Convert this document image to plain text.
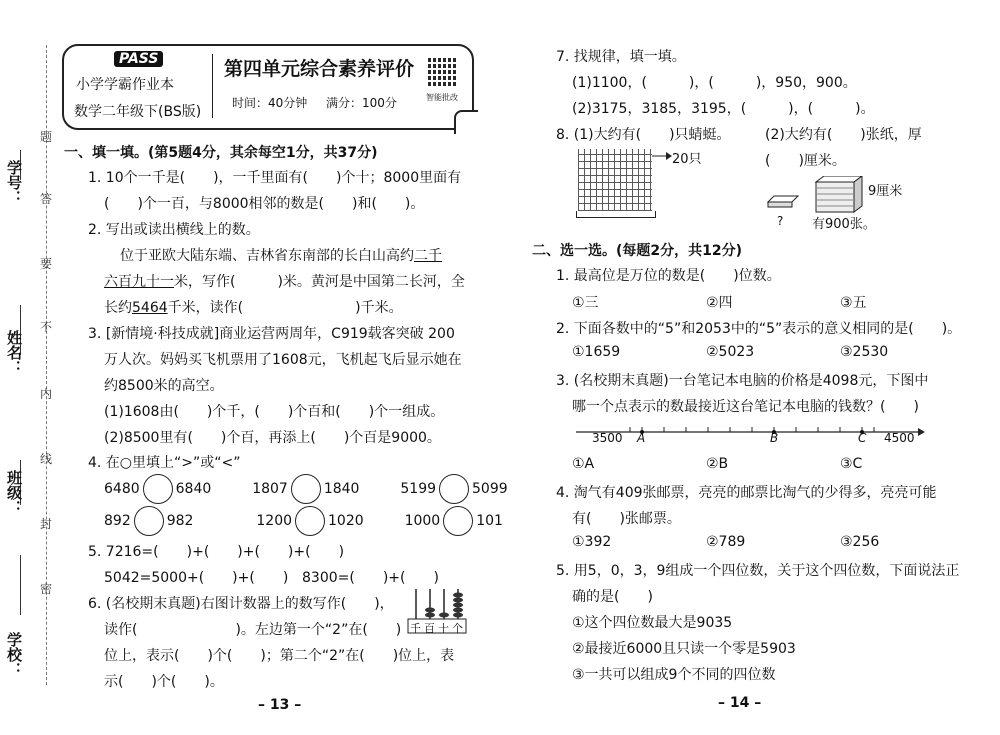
学号：
姓名：
班级：
学校：
题
答
要
不
内
线
封
密
PASS
小学学霸作业本
数学二年级下(BS版)
第四单元综合素养评价
时间：40分钟 满分：100分	智能批改
一、填一填。(第5题4分，其余每空1分，共37分)
1. 10个一千是(　　)，一千里面有(　　)个十；8000里面有
(　　)个一百，与8000相邻的数是(　　)和(　　)。
2. 写出或读出横线上的数。
位于亚欧大陆东端、吉林省东南部的长白山高约二千
六百九十一米，写作(　　　)米。黄河是中国第二长河，全
长约5464千米，读作(　　　　　　　　)千米。
3. [新情境·科技成就]商业运营两周年，C919载客突破 200
万人次。妈妈买飞机票用了1608元，飞机起飞后显示她在
约8500米的高空。
(1)1608由(　　)个千，(　　)个百和(　　)个一组成。
(2)8500里有(　　)个百，再添上(　　)个百是9000。
4. 在○里填上“>”或“<”
6480	6840	1807	1840	5199	5099
892	982	1200	1020	1000	101
5. 7216=(　　)+(　　)+(　　)+(　　)
5042=5000+(　　)+(　　) 8300=(　　)+(　　)
6. (名校期末真题)右图计数器上的数写作(　　)，
读作(　　　　　　　)。左边第一个“2”在(　　)
位上，表示(　　)个(　　)；第二个“2”在(　　)位上，表
示(　　)个(　　)。
千百十个
– 13 –
7. 找规律，填一填。
(1)1100，(　　　)，(　　　)，950，900。
(2)3175，3185，3195，(　　　)，(　　　)。
8. (1)大约有(　　)只蜻蜓。 (2)大约有(　　)张纸，厚
(　　)厘米。
20只
9厘米
? 有900张。
二、选一选。(每题2分，共12分)
1. 最高位是万位的数是(　　)位数。
①三	②四	③五
2. 下面各数中的“5”和2053中的“5”表示的意义相同的是(　　)。
①1659	②5023	③2530
3. (名校期末真题)一台笔记本电脑的价格是4098元，下图中
哪一个点表示的数最接近这台笔记本电脑的钱数？(　　)
3500 A	B	C 4500
①A	②B	③C
4. 淘气有409张邮票，亮亮的邮票比淘气的少得多，亮亮可能
有(　　)张邮票。
①392	②789	③256
5. 用5，0，3，9组成一个四位数，关于这个四位数，下面说法正
确的是(　　)
①这个四位数最大是9035
②最接近6000且只读一个零是5903
③一共可以组成9个不同的四位数
– 14 –
